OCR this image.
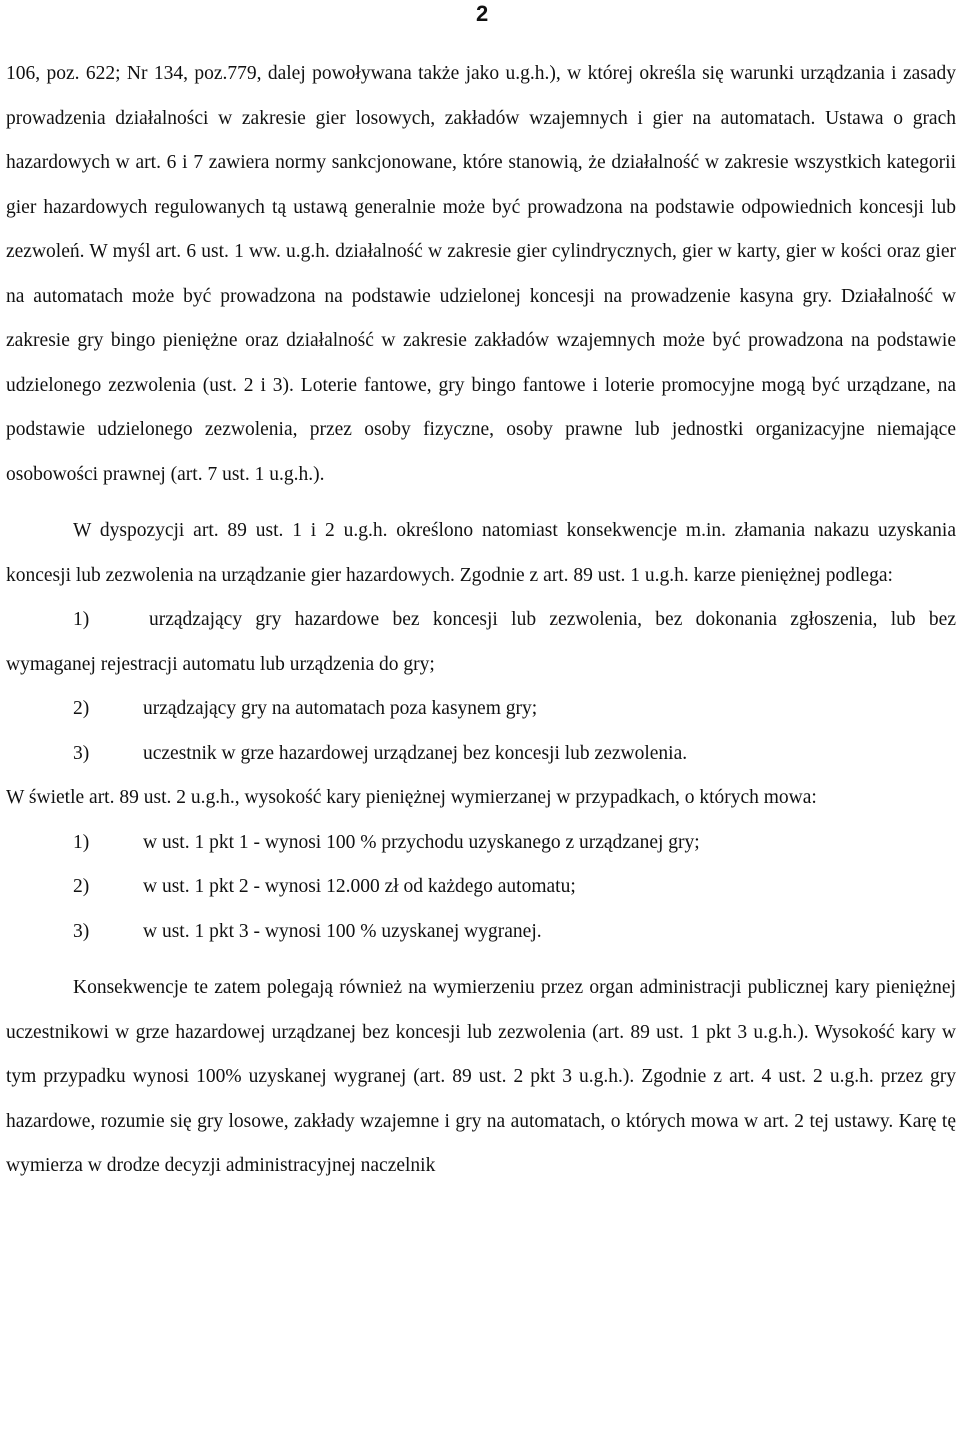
2

106, poz. 622; Nr 134, poz.779, dalej powoływana także jako u.g.h.), w której określa się warunki urządzania i zasady prowadzenia działalności w zakresie gier losowych, zakładów wzajemnych i gier na automatach. Ustawa o grach hazardowych w art. 6 i 7 zawiera normy sankcjonowane, które stanowią, że działalność w zakresie wszystkich kategorii gier hazardowych regulowanych tą ustawą generalnie może być prowadzona na podstawie odpowiednich koncesji lub zezwoleń. W myśl art. 6 ust. 1 ww. u.g.h. działalność w zakresie gier cylindrycznych, gier w karty, gier w kości oraz gier na automatach może być prowadzona na podstawie udzielonej koncesji na prowadzenie kasyna gry. Działalność w zakresie gry bingo pieniężne oraz działalność w zakresie zakładów wzajemnych może być prowadzona na podstawie udzielonego zezwolenia (ust. 2 i 3). Loterie fantowe, gry bingo fantowe i loterie promocyjne mogą być urządzane, na podstawie udzielonego zezwolenia, przez osoby fizyczne, osoby prawne lub jednostki organizacyjne niemające osobowości prawnej (art. 7 ust. 1 u.g.h.).

W dyspozycji art. 89 ust. 1 i 2 u.g.h. określono natomiast konsekwencje m.in. złamania nakazu uzyskania koncesji lub zezwolenia na urządzanie gier hazardowych. Zgodnie z art. 89 ust. 1 u.g.h. karze pieniężnej podlega:

1)	urządzający gry hazardowe bez koncesji lub zezwolenia, bez dokonania zgłoszenia, lub bez wymaganej rejestracji automatu lub urządzenia do gry;
2)	urządzający gry na automatach poza kasynem gry;
3)	uczestnik w grze hazardowej urządzanej bez koncesji lub zezwolenia.

W świetle art. 89 ust. 2 u.g.h., wysokość kary pieniężnej wymierzanej w przypadkach, o których mowa:

1)	w ust. 1 pkt 1 - wynosi 100 % przychodu uzyskanego z urządzanej gry;
2)	w ust. 1 pkt 2 - wynosi 12.000 zł od każdego automatu;
3)	w ust. 1 pkt 3 - wynosi 100 % uzyskanej wygranej.

Konsekwencje te zatem polegają również na wymierzeniu przez organ administracji publicznej kary pieniężnej uczestnikowi w grze hazardowej urządzanej bez koncesji lub zezwolenia (art. 89 ust. 1 pkt 3 u.g.h.). Wysokość kary w tym przypadku wynosi 100% uzyskanej wygranej (art. 89 ust. 2 pkt 3 u.g.h.). Zgodnie z art. 4 ust. 2 u.g.h. przez gry hazardowe, rozumie się gry losowe, zakłady wzajemne i gry na automatach, o których mowa w art. 2 tej ustawy. Karę tę wymierza w drodze decyzji administracyjnej naczelnik
